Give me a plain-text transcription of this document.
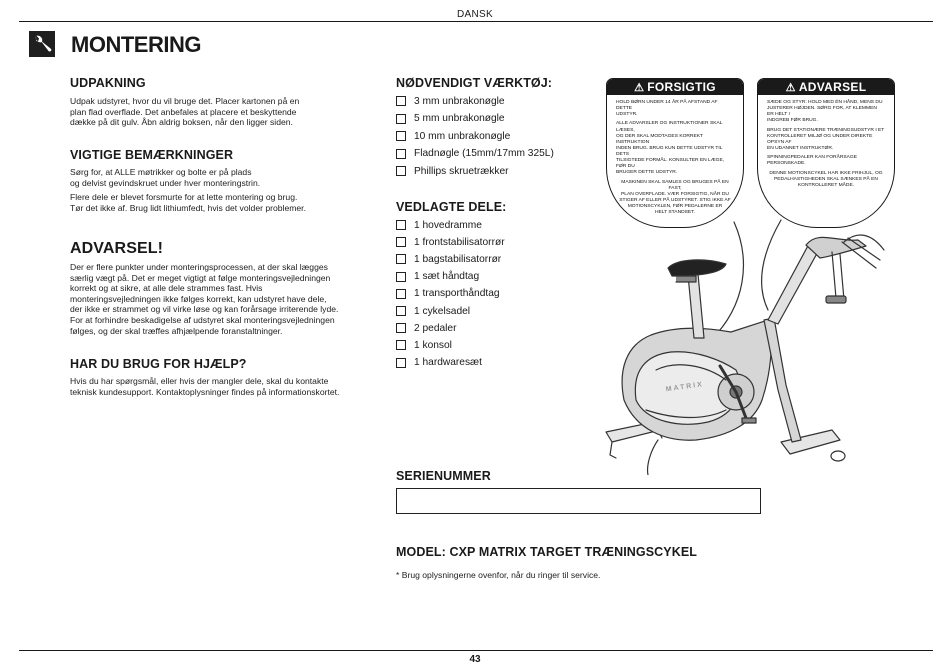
DANSK
MONTERING
UDPAKNING
Udpak udstyret, hvor du vil bruge det. Placer kartonen på en
plan flad overflade. Det anbefales at placere et beskyttende
dække på dit gulv. Åbn aldrig boksen, når den ligger siden.
VIGTIGE BEMÆRKNINGER
Sørg for, at ALLE møtrikker og bolte er på plads
og delvist gevindskruet under hver monteringstrin.
Flere dele er blevet forsmurte for at lette montering og brug.
Tør det ikke af. Brug lidt lithiumfedt, hvis det volder problemer.
ADVARSEL!
Der er flere punkter under monteringsprocessen, at der skal lægges
særlig vægt på. Det er meget vigtigt at følge monteringsvejledningen
korrekt og at sikre, at alle dele strammes fast. Hvis
monteringsvejledningen ikke følges korrekt, kan udstyret have dele,
der ikke er strammet og vil virke løse og kan forårsage irriterende lyde.
For at forhindre beskadigelse af udstyret skal monteringsvejledningen
følges, og der skal træffes afhjælpende foranstaltninger.
HAR DU BRUG FOR HJÆLP?
Hvis du har spørgsmål, eller hvis der mangler dele, skal du kontakte
teknisk kundesupport. Kontaktoplysninger findes på informationskortet.
NØDVENDIGT VÆRKTØJ:
3 mm unbrakonøgle
5 mm unbrakonøgle
10 mm unbrakonøgle
Fladnøgle (15mm/17mm 325L)
Phillips skruetrækker
VEDLAGTE DELE:
1 hovedramme
1 frontstabilisatorrør
1 bagstabilisatorrør
1 sæt håndtag
1 transporthåndtag
1 cykelsadel
2 pedaler
1 konsol
1 hardwaresæt
MATRIX
⚠ FORSIGTIG
HOLD BØRN UNDER 14 ÅR PÅ AFSTAND AF DETTE
UDSTYR.
ALLE ADVARSLER OG INSTRUKTIONER SKAL LÆSES,
OG DER SKAL MODTAGES KORREKT INSTRUKTION
INDEN BRUG. BRUG KUN DETTE UDSTYR TIL DETS
TILSIGTEDE FORMÅL. KONSULTER EN LÆGE, FØR DU
BRUGER DETTE UDSTYR.
MASKINEN SKAL SAMLES OG BRUGES PÅ EN FAST,
PLAN OVERFLADE. VÆR FORSIGTIG, NÅR DU
STIGER AF ELLER PÅ UDSTYRET. STIG IKKE AF
MOTIONSCYKLEN, FØR PEDALERNE ER
HELT STANDSET.
⚠ ADVARSEL
SÆDE OG STYR: HOLD MED ÉN HÅND, MENS DU
JUSTERER HØJDEN. SØRG FOR, AT KLEMMEN ER HELT I
INDGREB FØR BRUG.
BRUG DET STATIONÆRE TRÆNINGSUDSTYR I ET
KONTROLLERET MILJØ OG UNDER DIREKTE OPSYN AF
EN UDANNET INSTRUKTØR.
SPINNINGPEDALER KAN FORÅRSAGE PERSONSKADE.
DENNE MOTIONSCYKEL HAR IKKE FRIHJUL, OG
PEDALHASTIGHEDEN SKAL SÆNKES PÅ EN
KONTROLLERET MÅDE.
SERIENUMMER
MODEL: CXP MATRIX TARGET TRÆNINGSCYKEL
* Brug oplysningerne ovenfor, når du ringer til service.
43
